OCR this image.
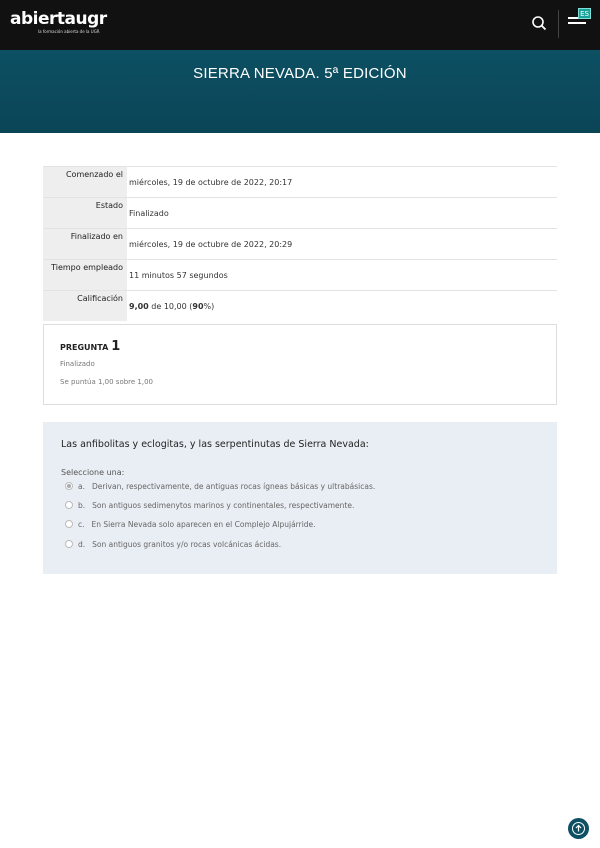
abiertaugr
la formación abierta de la UGR
ES
SIERRA NEVADA. 5ª EDICIÓN
Comenzado el	miércoles, 19 de octubre de 2022, 20:17
Estado	Finalizado
Finalizado en	miércoles, 19 de octubre de 2022, 20:29
Tiempo empleado	11 minutos 57 segundos
Calificación	9,00 de 10,00 (90%)
PREGUNTA 1
Finalizado
Se puntúa 1,00 sobre 1,00
Las anfibolitas y eclogitas, y las serpentinutas de Sierra Nevada:
Seleccione una:
a. Derivan, respectivamente, de antiguas rocas ígneas básicas y ultrabásicas.
b. Son antiguos sedimenytos marinos y continentales, respectivamente.
c. En Sierra Nevada solo aparecen en el Complejo Alpujárride.
d. Son antiguos granitos y/o rocas volcánicas ácidas.
